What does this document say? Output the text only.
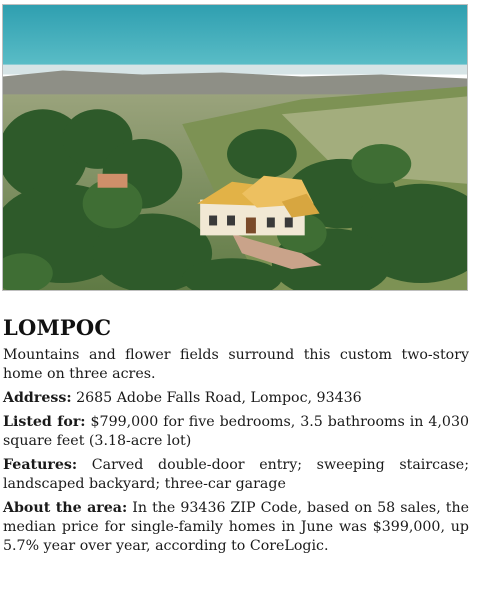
LOMPOC

Mountains and flower fields surround this custom two-story home on three acres.

Address: 2685 Adobe Falls Road, Lompoc, 93436

Listed for: $799,000 for five bedrooms, 3.5 bathrooms in 4,030 square feet (3.18-acre lot)

Features: Carved double-door entry; sweeping staircase; landscaped backyard; three-car garage

About the area: In the 93436 ZIP Code, based on 58 sales, the median price for single-family homes in June was $399,000, up 5.7% year over year, according to CoreLogic.
